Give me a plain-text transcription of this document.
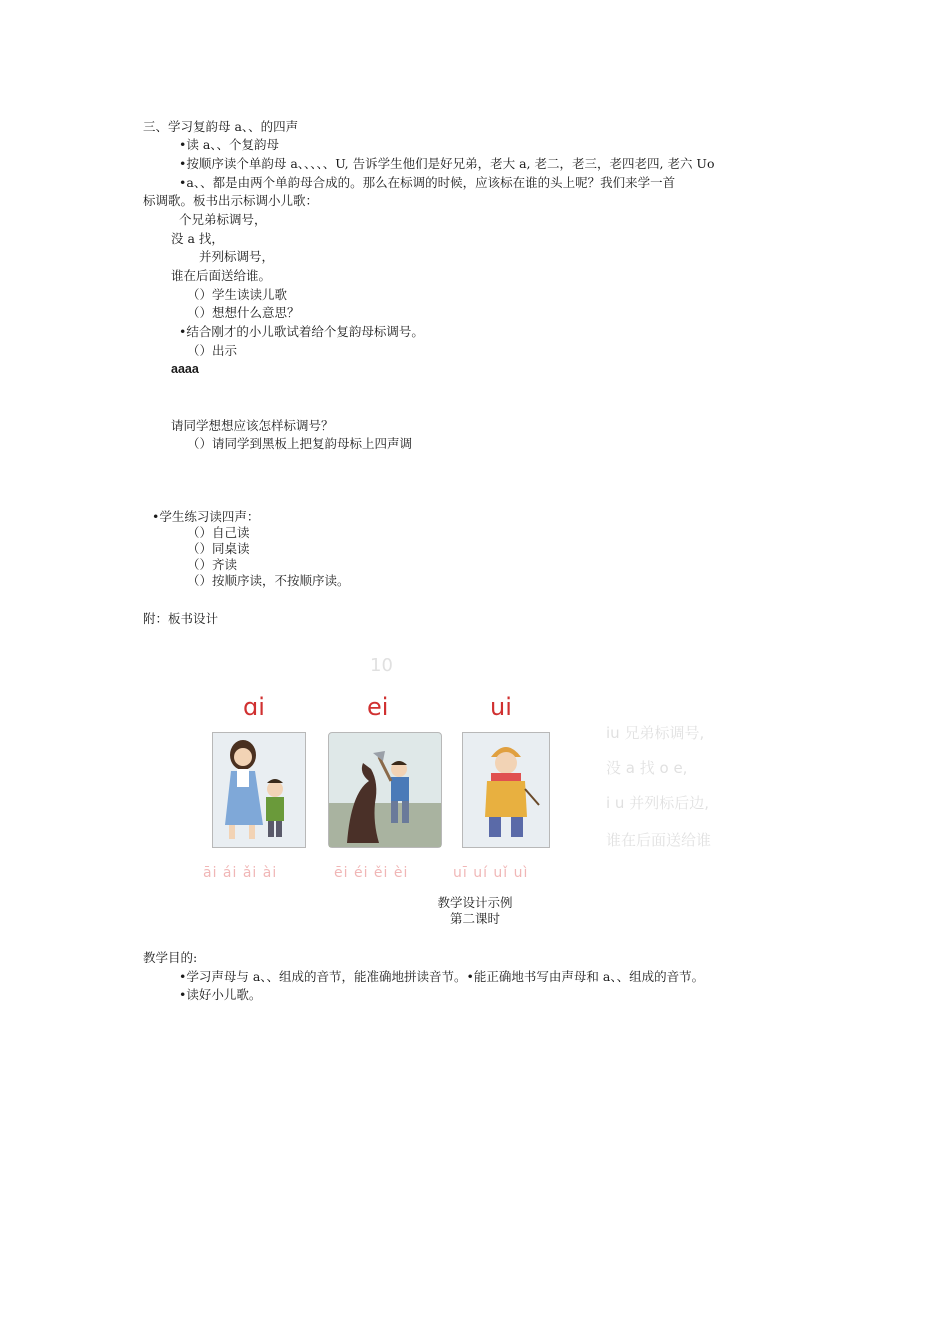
三、学习复韵母 a、、的四声
•读 a、、个复韵母
•按顺序读个单韵母 a、、、、、U, 告诉学生他们是好兄弟，老大 a, 老二，老三，老四老四, 老六 Uo
•a、、都是由两个单韵母合成的。那么在标调的时候，应该标在谁的头上呢？我们来学一首
标调歌。板书出示标调小儿歌：
个兄弟标调号，
没 a 找，
并列标调号，
谁在后面送给谁。
（）学生读读儿歌
（）想想什么意思？
•结合刚才的小儿歌试着给个复韵母标调号。
（）出示
aaaa
请同学想想应该怎样标调号？
（）请同学到黑板上把复韵母标上四声调
•学生练习读四声：
（）自己读
（）同桌读
（）齐读
（）按顺序读，不按顺序读。
附：板书设计
10
ɑi	ei	ui
āi ái ǎi ài	ēi éi ěi èi	uī uí uǐ uì
iu 兄弟标调号,
没 a 找 o e,
i u 并列标后边,
谁在后面送给谁
教学设计示例
第二课时
教学目的:
•学习声母与 a、、组成的音节，能准确地拼读音节。•能正确地书写由声母和 a、、组成的音节。
•读好小儿歌。
